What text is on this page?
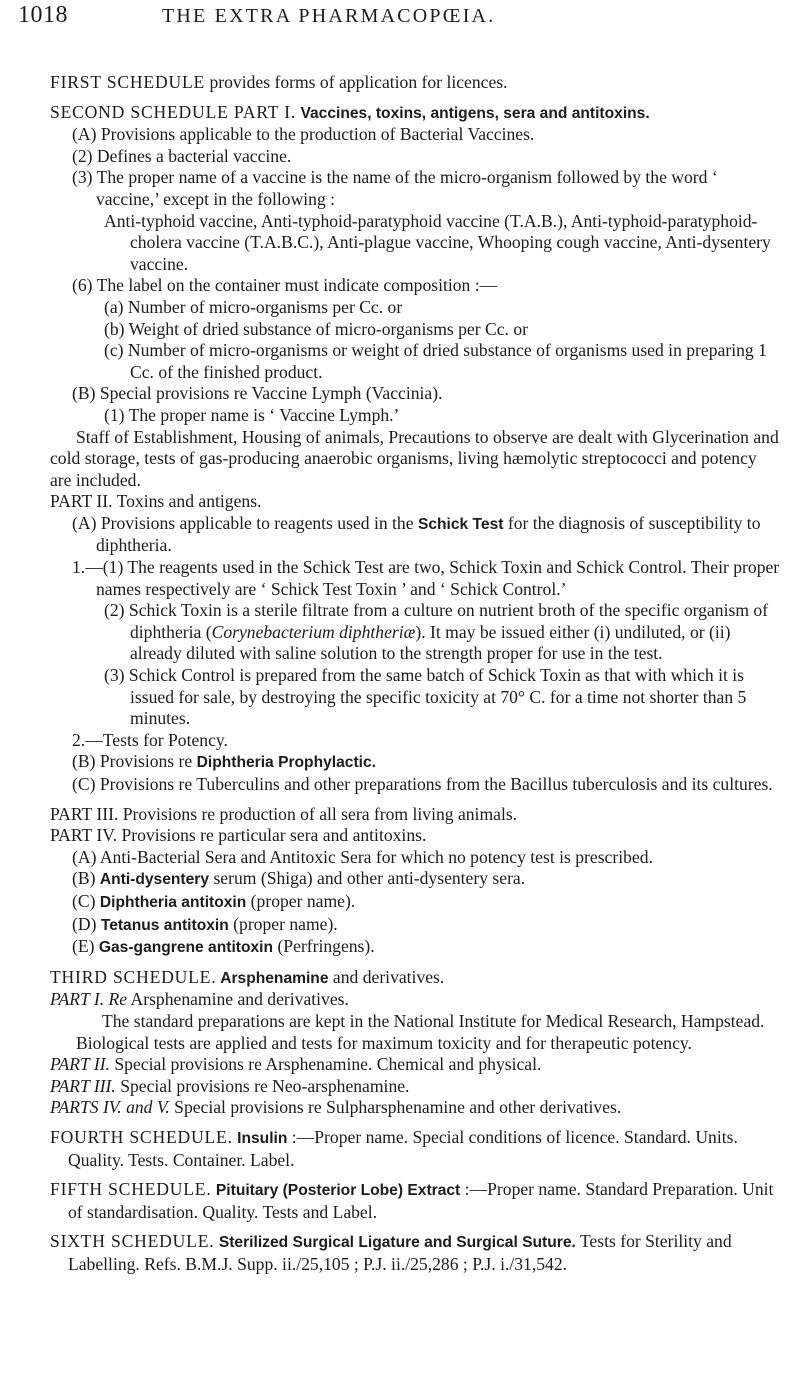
1018	THE EXTRA PHARMACOPŒIA.

FIRST SCHEDULE provides forms of application for licences.

SECOND SCHEDULE PART I. Vaccines, toxins, antigens, sera and antitoxins.

(A) Provisions applicable to the production of Bacterial Vaccines.

(2) Defines a bacterial vaccine.

(3) The proper name of a vaccine is the name of the micro-organism followed by the word ‘ vaccine,’ except in the following :

Anti-typhoid vaccine, Anti-typhoid-paratyphoid vaccine (T.A.B.), Anti-typhoid-paratyphoid-cholera vaccine (T.A.B.C.), Anti-plague vaccine, Whooping cough vaccine, Anti-dysentery vaccine.

(6) The label on the container must indicate composition :—

(a) Number of micro-organisms per Cc. or

(b) Weight of dried substance of micro-organisms per Cc. or

(c) Number of micro-organisms or weight of dried substance of organisms used in preparing 1 Cc. of the finished product.

(B) Special provisions re Vaccine Lymph (Vaccinia).

(1) The proper name is ‘ Vaccine Lymph.’

Staff of Establishment, Housing of animals, Precautions to observe are dealt with Glycerination and cold storage, tests of gas-producing anaerobic organisms, living hæmolytic streptococci and potency are included.

PART II. Toxins and antigens.

(A) Provisions applicable to reagents used in the Schick Test for the diagnosis of susceptibility to diphtheria.

1.—(1) The reagents used in the Schick Test are two, Schick Toxin and Schick Control. Their proper names respectively are ‘ Schick Test Toxin ’ and ‘ Schick Control.’

(2) Schick Toxin is a sterile filtrate from a culture on nutrient broth of the specific organism of diphtheria (Corynebacterium diphtheriæ). It may be issued either (i) undiluted, or (ii) already diluted with saline solution to the strength proper for use in the test.

(3) Schick Control is prepared from the same batch of Schick Toxin as that with which it is issued for sale, by destroying the specific toxicity at 70° C. for a time not shorter than 5 minutes.

2.—Tests for Potency.

(B) Provisions re Diphtheria Prophylactic.

(C) Provisions re Tuberculins and other preparations from the Bacillus tuberculosis and its cultures.

PART III. Provisions re production of all sera from living animals.

PART IV. Provisions re particular sera and antitoxins.

(A) Anti-Bacterial Sera and Antitoxic Sera for which no potency test is prescribed.

(B) Anti-dysentery serum (Shiga) and other anti-dysentery sera.

(C) Diphtheria antitoxin (proper name).

(D) Tetanus antitoxin (proper name).

(E) Gas-gangrene antitoxin (Perfringens).

THIRD SCHEDULE. Arsphenamine and derivatives.

PART I. Re Arsphenamine and derivatives.

The standard preparations are kept in the National Institute for Medical Research, Hampstead. Biological tests are applied and tests for maximum toxicity and for therapeutic potency.

PART II. Special provisions re Arsphenamine. Chemical and physical.

PART III. Special provisions re Neo-arsphenamine.

PARTS IV. and V. Special provisions re Sulpharsphenamine and other derivatives.

FOURTH SCHEDULE. Insulin :—Proper name. Special conditions of licence. Standard. Units. Quality. Tests. Container. Label.

FIFTH SCHEDULE. Pituitary (Posterior Lobe) Extract :—Proper name. Standard Preparation. Unit of standardisation. Quality. Tests and Label.

SIXTH SCHEDULE. Sterilized Surgical Ligature and Surgical Suture. Tests for Sterility and Labelling. Refs. B.M.J. Supp. ii./25,105 ; P.J. ii./25,286 ; P.J. i./31,542.
